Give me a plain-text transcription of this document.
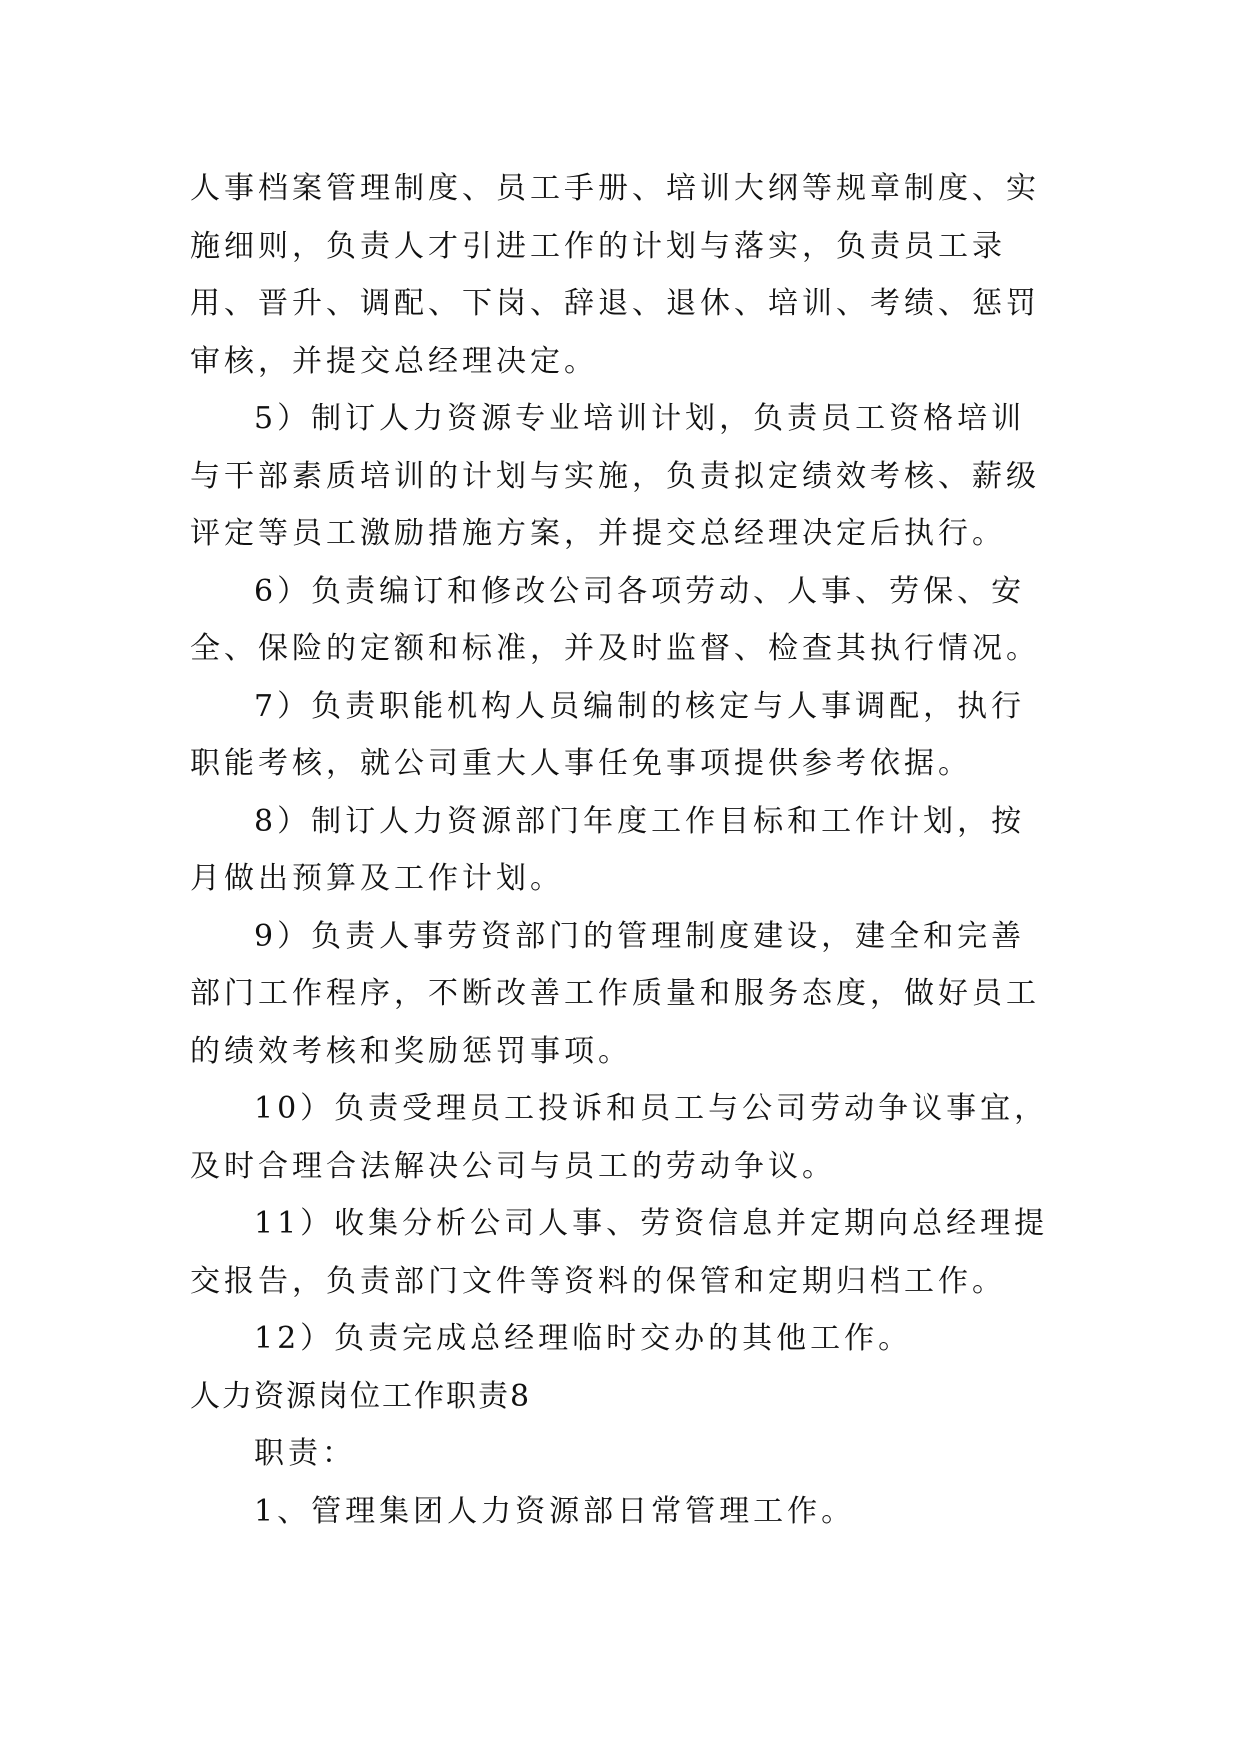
人事档案管理制度、员工手册、培训大纲等规章制度、实施细则，负责人才引进工作的计划与落实，负责员工录用、晋升、调配、下岗、辞退、退休、培训、考绩、惩罚审核，并提交总经理决定。

5）制订人力资源专业培训计划，负责员工资格培训与干部素质培训的计划与实施，负责拟定绩效考核、薪级评定等员工激励措施方案，并提交总经理决定后执行。

6）负责编订和修改公司各项劳动、人事、劳保、安全、保险的定额和标准，并及时监督、检查其执行情况。

7）负责职能机构人员编制的核定与人事调配，执行职能考核，就公司重大人事任免事项提供参考依据。

8）制订人力资源部门年度工作目标和工作计划，按月做出预算及工作计划。

9）负责人事劳资部门的管理制度建设，建全和完善部门工作程序，不断改善工作质量和服务态度，做好员工的绩效考核和奖励惩罚事项。

10）负责受理员工投诉和员工与公司劳动争议事宜，及时合理合法解决公司与员工的劳动争议。

11）收集分析公司人事、劳资信息并定期向总经理提交报告，负责部门文件等资料的保管和定期归档工作。

12）负责完成总经理临时交办的其他工作。

人力资源岗位工作职责8

职责：

1、管理集团人力资源部日常管理工作。
